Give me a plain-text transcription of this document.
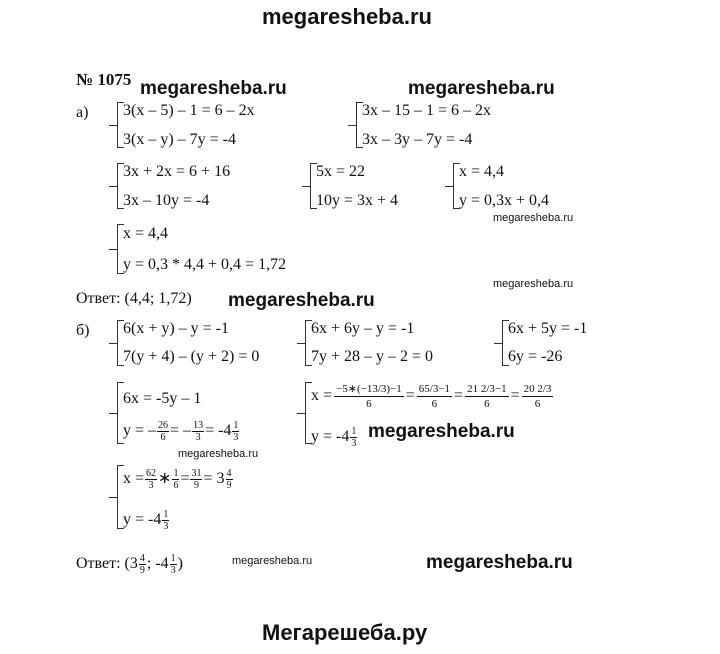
megaresheba.ru
№ 1075 megaresheba.ru	megaresheba.ru
а) 3(x – 5) – 1 = 6 – 2x
3(x – y) – 7y = -4
3x – 15 – 1 = 6 – 2x
3x – 3y – 7y = -4
3x + 2x = 6 + 16
3x – 10y = -4
5x = 22
10y = 3x + 4
x = 4,4
y = 0,3x + 0,4
megaresheba.ru
x = 4,4
y = 0,3 * 4,4 + 0,4 = 1,72
megaresheba.ru
Ответ: (4,4; 1,72) megaresheba.ru
б) 6(x + y) – y = -1
7(y + 4) – (y + 2) = 0
6x + 6y – y = -1
7y + 28 – y – 2 = 0
6x + 5y = -1
6y = -26
6x = -5y – 1
y = – $\frac{26}{6}$ = – $\frac{13}{3} = -4 \frac{1}{3}$
$x = \frac{-5∗(-13/3)-1}{6} = \frac{65/3-1}{6} = \frac{21 2/3-1}{6} = \frac{20 2/3}{6}$
$y = -4 \frac{1}{3}$ megaresheba.ru
megaresheba.ru
$x = \frac{62}{3}$ ∗ $\frac{1}{6} = \frac{31}{9} = 3 \frac{4}{9}$
$y = -4 \frac{1}{3}$
Ответ: ($3 \frac{4}{9}$ ; $-4 \frac{1}{3}$ )	megaresheba.ru	megaresheba.ru
Мегарешеба.ру
